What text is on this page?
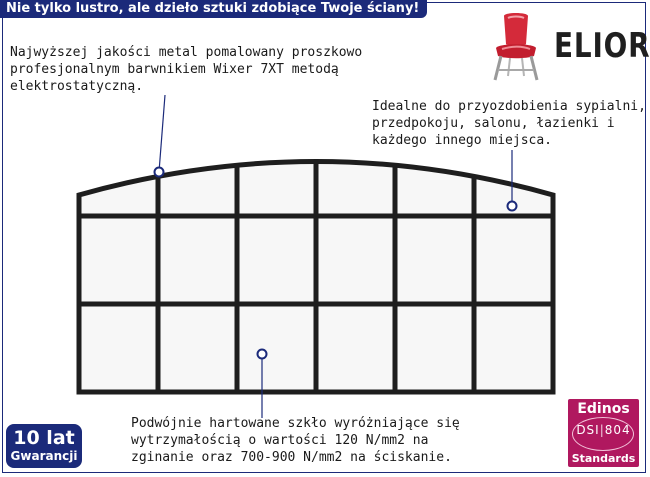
Nie tylko lustro, ale dzieło sztuki zdobiące Twoje ściany!
ELIOR
Najwyższej jakości metal pomalowany proszkowo
profesjonalnym barwnikiem Wixer 7XT metodą
elektrostatyczną.
Idealne do przyozdobienia sypialni,
przedpokoju, salonu, łazienki i
każdego innego miejsca.
Podwójnie hartowane szkło wyróżniające się
wytrzymałością o wartości 120 N/mm2 na
zginanie oraz 700-900 N/mm2 na ściskanie.
10 lat
Gwarancji
Edinos
DSI|804
Standards
